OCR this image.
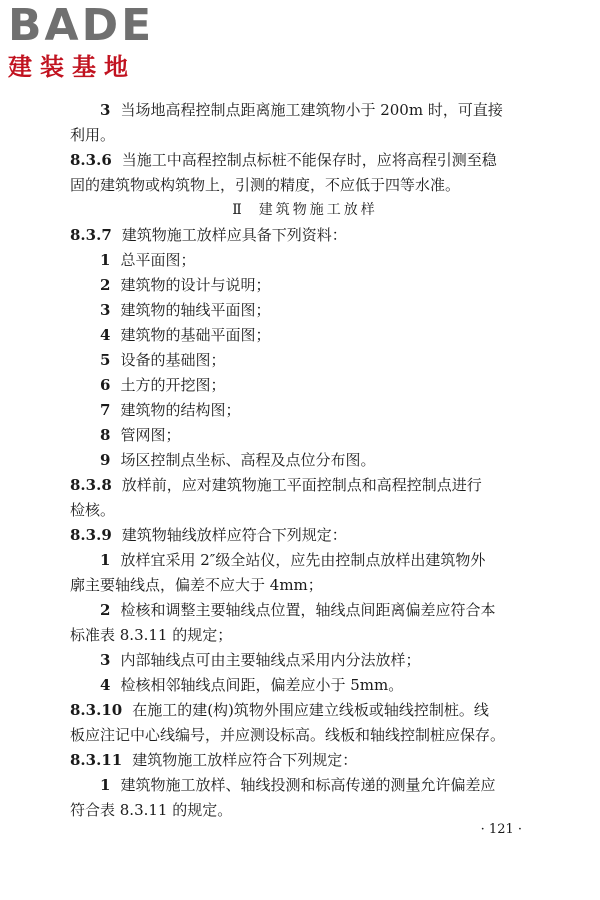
BADE
建装基地

3 当场地高程控制点距离施工建筑物小于 200m 时，可直接

利用。

8.3.6 当施工中高程控制点标桩不能保存时，应将高程引测至稳

固的建筑物或构筑物上，引测的精度，不应低于四等水准。

Ⅱ 建筑物施工放样

8.3.7 建筑物施工放样应具备下列资料：

1 总平面图；

2 建筑物的设计与说明；

3 建筑物的轴线平面图；

4 建筑物的基础平面图；

5 设备的基础图；

6 土方的开挖图；

7 建筑物的结构图；

8 管网图；

9 场区控制点坐标、高程及点位分布图。

8.3.8 放样前，应对建筑物施工平面控制点和高程控制点进行

检核。

8.3.9 建筑物轴线放样应符合下列规定：

1 放样宜采用 2″级全站仪，应先由控制点放样出建筑物外

廓主要轴线点，偏差不应大于 4mm；

2 检核和调整主要轴线点位置，轴线点间距离偏差应符合本

标准表 8.3.11 的规定；

3 内部轴线点可由主要轴线点采用内分法放样；

4 检核相邻轴线点间距，偏差应小于 5mm。

8.3.10 在施工的建(构)筑物外围应建立线板或轴线控制桩。线

板应注记中心线编号，并应测设标高。线板和轴线控制桩应保存。

8.3.11 建筑物施工放样应符合下列规定：

1 建筑物施工放样、轴线投测和标高传递的测量允许偏差应

符合表 8.3.11 的规定。

· 121 ·
